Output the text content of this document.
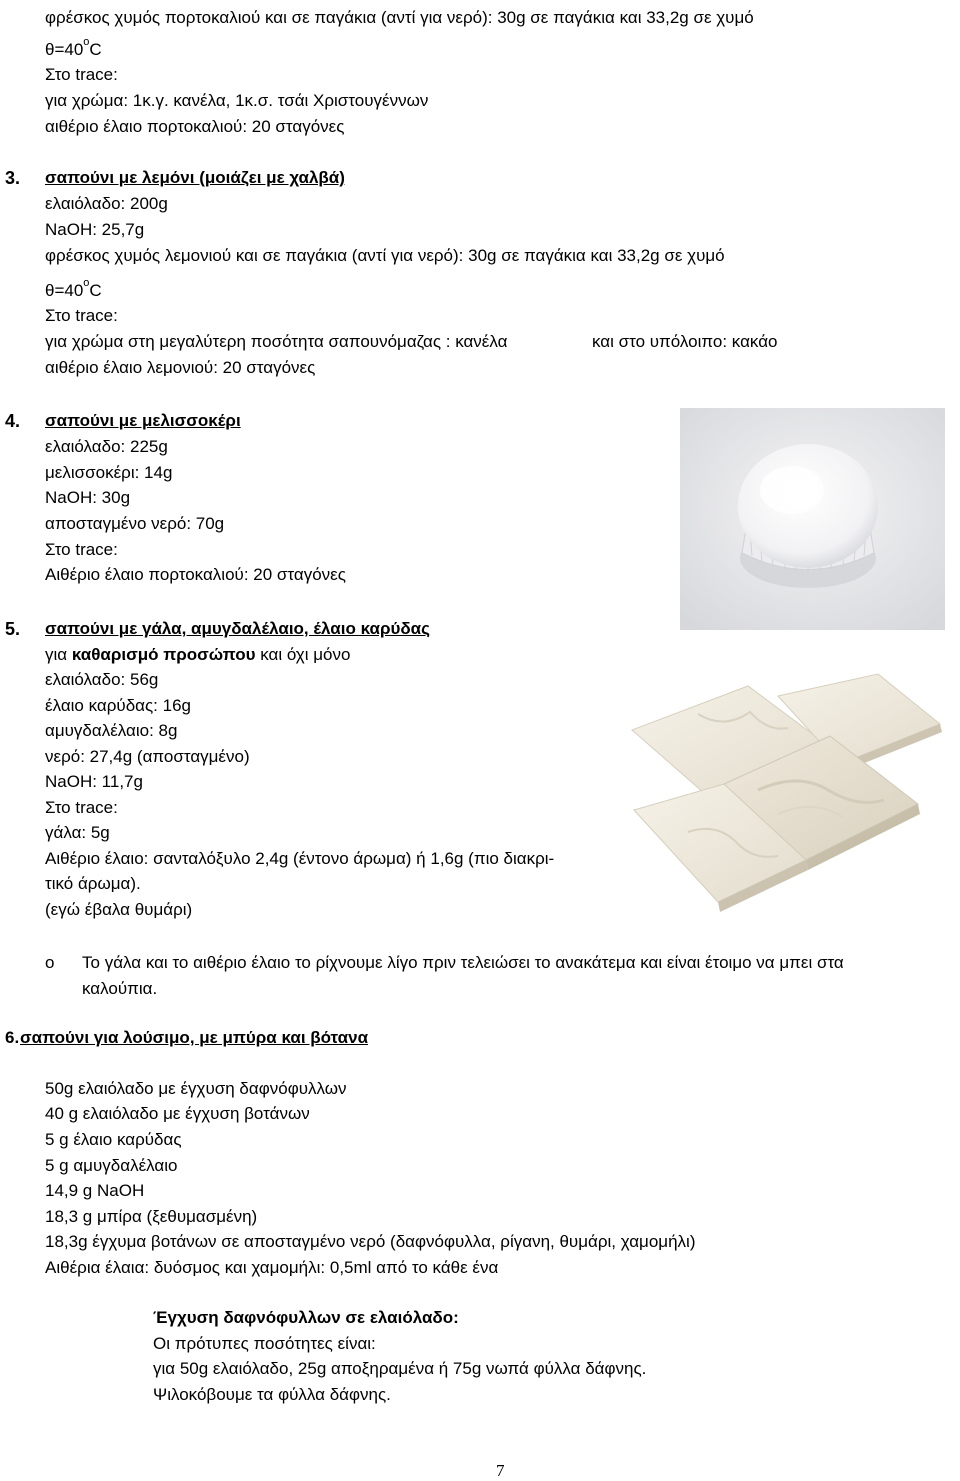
φρέσκος χυμός πορτοκαλιού και σε παγάκια (αντί για νερό): 30g σε παγάκια και 33,2g σε χυμό
$\theta=40^oC$
Στο trace:
για χρώμα: 1κ.γ. κανέλα, 1κ.σ. τσάι Χριστουγέννων
αιθέριο έλαιο πορτοκαλιού: 20 σταγόνες
3. σαπούνι με λεμόνι (μοιάζει με χαλβά)
ελαιόλαδο: 200g
NaOH: 25,7g
φρέσκος χυμός λεμονιού και σε παγάκια (αντί για νερό): 30g σε παγάκια και 33,2g σε χυμό
$\theta=40^oC$
Στο trace:
για χρώμα στη μεγαλύτερη ποσότητα σαπουνόμαζας : κανέλα	και στο υπόλοιπο: κακάο
αιθέριο έλαιο λεμονιού: 20 σταγόνες
4. σαπούνι με μελισσοκέρι
ελαιόλαδο: 225g
μελισσοκέρι: 14g
NaOH: 30g
αποσταγμένο νερό: 70g
Στο trace:
Αιθέριο έλαιο πορτοκαλιού: 20 σταγόνες
5. σαπούνι με γάλα, αμυγδαλέλαιο, έλαιο καρύδας
για καθαρισμό προσώπου και όχι μόνο
ελαιόλαδο: 56g
έλαιο καρύδας: 16g
αμυγδαλέλαιο: 8g
νερό: 27,4g (αποσταγμένο)
NaOH: 11,7g
Στο trace:
γάλα: 5g
Αιθέριο έλαιο: σανταλόξυλο 2,4g (έντονο άρωμα) ή 1,6g (πιο διακρι-
τικό άρωμα).
(εγώ έβαλα θυμάρι)
o Το γάλα και το αιθέριο έλαιο το ρίχνουμε λίγο πριν τελειώσει το ανακάτεμα και είναι έτοιμο να μπει στα
καλούπια.
6. σαπούνι για λούσιμο, με μπύρα και βότανα
50g ελαιόλαδο με έγχυση δαφνόφυλλων
40 g ελαιόλαδο με έγχυση βοτάνων
5 g έλαιο καρύδας
5 g αμυγδαλέλαιο
14,9 g NaOH
18,3 g μπίρα (ξεθυμασμένη)
18,3g έγχυμα βοτάνων σε αποσταγμένο νερό (δαφνόφυλλα, ρίγανη, θυμάρι, χαμομήλι)
Αιθέρια έλαια: δυόσμος και χαμομήλι: 0,5ml από το κάθε ένα
Έγχυση δαφνόφυλλων σε ελαιόλαδο:
Οι πρότυπες ποσότητες είναι:
για 50g ελαιόλαδο, 25g αποξηραμένα ή 75g νωπά φύλλα δάφνης.
Ψιλοκόβουμε τα φύλλα δάφνης.
7
